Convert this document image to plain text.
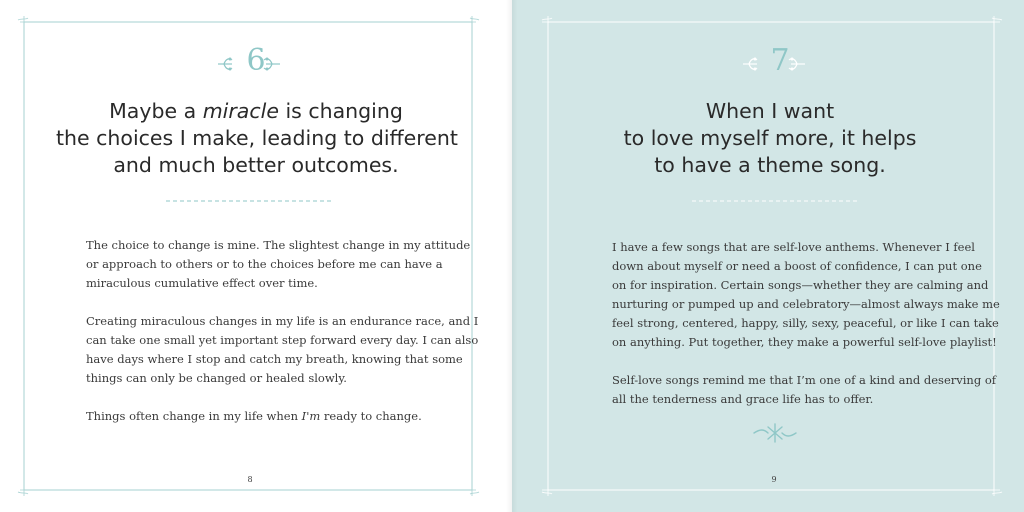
6
Maybe a miracle is changing
the choices I make, leading to different
and much better outcomes.

The choice to change is mine. The slightest change in my attitude
or approach to others or to the choices before me can have a
miraculous cumulative effect over time.

Creating miraculous changes in my life is an endurance race, and I
can take one small yet important step forward every day. I can also
have days where I stop and catch my breath, knowing that some
things can only be changed or healed slowly.

Things often change in my life when I'm ready to change.

8
7
When I want
to love myself more, it helps
to have a theme song.

I have a few songs that are self-love anthems. Whenever I feel
down about myself or need a boost of confidence, I can put one
on for inspiration. Certain songs—whether they are calming and
nurturing or pumped up and celebratory—almost always make me
feel strong, centered, happy, silly, sexy, peaceful, or like I can take
on anything. Put together, they make a powerful self-love playlist!

Self-love songs remind me that I’m one of a kind and deserving of
all the tenderness and grace life has to offer.

9
